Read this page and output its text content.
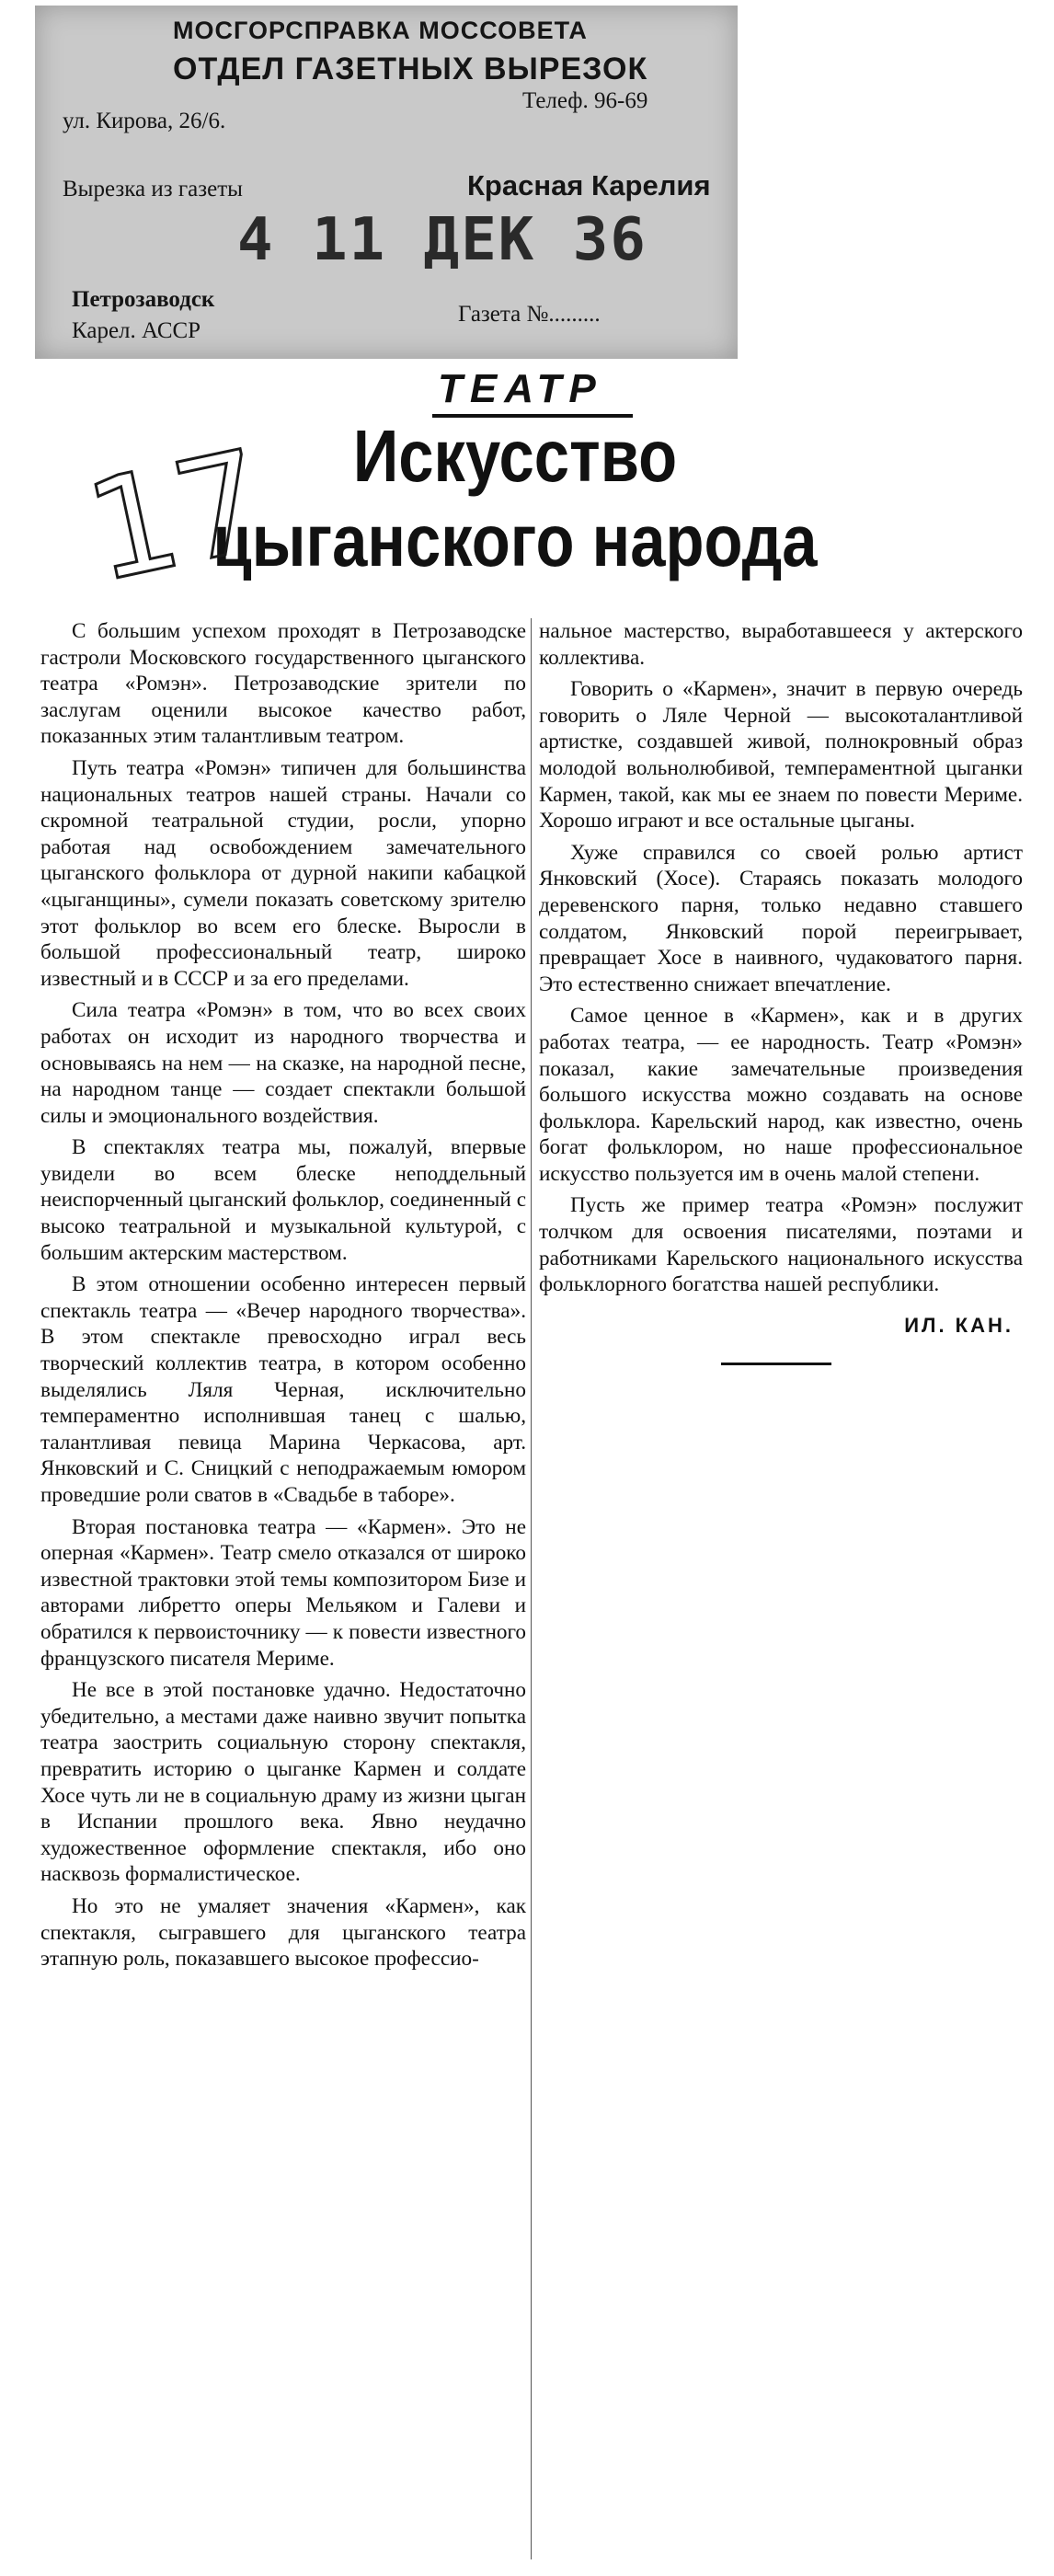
МОСГОРСПРАВКА МОССОВЕТА
ОТДЕЛ ГАЗЕТНЫХ ВЫРЕЗОК
Телеф. 96-69
ул. Кирова, 26/6.
Вырезка из газеты	Красная Карелия
4 11 ДЕК 36
Петрозаводск
Карел. АССР
Газета №.........
ТЕАТР
Искусство цыганского народа
17

С большим успехом проходят в Петрозаводске гастроли Московского государственного цыганского театра «Ромэн». Петрозаводские зрители по заслугам оценили высокое качество работ, показанных этим талантливым театром.

Путь театра «Ромэн» типичен для большинства национальных театров нашей страны. Начали со скромной театральной студии, росли, упорно работая над освобождением замечательного цыганского фольклора от дурной накипи кабацкой «цыганщины», сумели показать советскому зрителю этот фольклор во всем его блеске. Выросли в большой профессиональный театр, широко известный и в СССР и за его пределами.

Сила театра «Ромэн» в том, что во всех своих работах он исходит из народного творчества и основываясь на нем — на сказке, на народной песне, на народном танце — создает спектакли большой силы и эмоционального воздействия.

В спектаклях театра мы, пожалуй, впервые увидели во всем блеске неподдельный неиспорченный цыганский фольклор, соединенный с высоко театральной и музыкальной культурой, с большим актерским мастерством.

В этом отношении особенно интересен первый спектакль театра — «Вечер народного творчества». В этом спектакле превосходно играл весь творческий коллектив театра, в котором особенно выделялись Ляля Черная, исключительно темпераментно исполнившая танец с шалью, талантливая певица Марина Черкасова, арт. Янковский и С. Сницкий с неподражаемым юмором проведшие роли сватов в «Свадьбе в таборе».

Вторая постановка театра — «Кармен». Это не оперная «Кармен». Театр смело отказался от широко известной трактовки этой темы композитором Бизе и авторами либретто оперы Мельяком и Галеви и обратился к первоисточнику — к повести известного французского писателя Мериме.

Не все в этой постановке удачно. Недостаточно убедительно, а местами даже наивно звучит попытка театра заострить социальную сторону спектакля, превратить историю о цыганке Кармен и солдате Хосе чуть ли не в социальную драму из жизни цыган в Испании прошлого века. Явно неудачно художественное оформление спектакля, ибо оно насквозь формалистическое.

Но это не умаляет значения «Кармен», как спектакля, сыгравшего для цыганского театра этапную роль, показавшего высокое профессио-

нальное мастерство, выработавшееся у актерского коллектива.

Говорить о «Кармен», значит в первую очередь говорить о Ляле Черной — высокоталантливой артистке, создавшей живой, полнокровный образ молодой вольнолюбивой, темпераментной цыганки Кармен, такой, как мы ее знаем по повести Мериме. Хорошо играют и все остальные цыганы.

Хуже справился со своей ролью артист Янковский (Хосе). Стараясь показать молодого деревенского парня, только недавно ставшего солдатом, Янковский порой переигрывает, превращает Хосе в наивного, чудаковатого парня. Это естественно снижает впечатление.

Самое ценное в «Кармен», как и в других работах театра, — ее народность. Театр «Ромэн» показал, какие замечательные произведения большого искусства можно создавать на основе фольклора. Карельский народ, как известно, очень богат фольклором, но наше профессиональное искусство пользуется им в очень малой степени.

Пусть же пример театра «Ромэн» послужит толчком для освоения писателями, поэтами и работниками Карельского национального искусства фольклорного богатства нашей республики.

ИЛ. КАН.
